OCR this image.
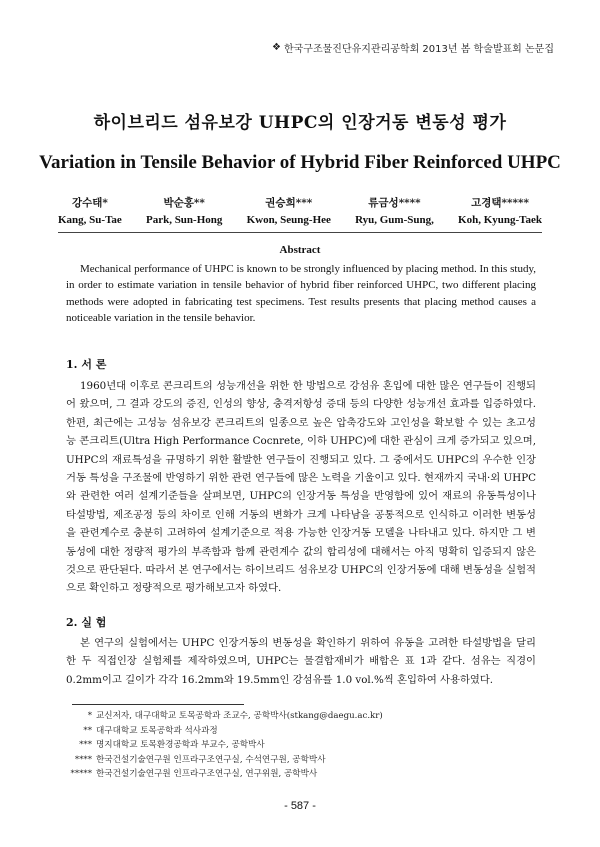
❖ 한국구조물진단유지관리공학회 2013년 봄 학술발표회 논문집
하이브리드 섬유보강 UHPC의 인장거동 변동성 평가
Variation in Tensile Behavior of Hybrid Fiber Reinforced UHPC
강수태*
Kang, Su-Tae
박순홍**
Park, Sun-Hong
권승희***
Kwon, Seung-Hee
류금성****
Ryu, Gum-Sung,
고경택*****
Koh, Kyung-Taek
Abstract
Mechanical performance of UHPC is known to be strongly influenced by placing method. In this study, in order to estimate variation in tensile behavior of hybrid fiber reinforced UHPC, two different placing methods were adopted in fabricating test specimens. Test results presents that placing method causes a noticeable variation in the tensile behavior.
1. 서 론
1960년대 이후로 콘크리트의 성능개선을 위한 한 방법으로 강섬유 혼입에 대한 많은 연구들이 진행되어 왔으며, 그 결과 강도의 증진, 인성의 향상, 충격저항성 증대 등의 다양한 성능개선 효과를 입증하였다. 한편, 최근에는 고성능 섬유보강 콘크리트의 일종으로 높은 압축강도와 고인성을 확보할 수 있는 초고성능 콘크리트(Ultra High Performance Cocnrete, 이하 UHPC)에 대한 관심이 크게 증가되고 있으며, UHPC의 재료특성을 규명하기 위한 활발한 연구들이 진행되고 있다. 그 중에서도 UHPC의 우수한 인장거동 특성을 구조물에 반영하기 위한 관련 연구들에 많은 노력을 기울이고 있다. 현재까지 국내·외 UHPC와 관련한 여러 설계기준들을 살펴보면, UHPC의 인장거동 특성을 반영함에 있어 재료의 유동특성이나 타설방법, 제조공정 등의 차이로 인해 거동의 변화가 크게 나타남을 공통적으로 인식하고 이러한 변동성을 관련계수로 충분히 고려하여 설계기준으로 적용 가능한 인장거동 모델을 나타내고 있다. 하지만 그 변동성에 대한 정량적 평가의 부족함과 함께 관련계수 값의 합리성에 대해서는 아직 명확히 입증되지 않은 것으로 판단된다. 따라서 본 연구에서는 하이브리드 섬유보강 UHPC의 인장거동에 대해 변동성을 실험적으로 확인하고 정량적으로 평가해보고자 하였다.
2. 실 험
본 연구의 실험에서는 UHPC 인장거동의 변동성을 확인하기 위하여 유동을 고려한 타설방법을 달리한 두 직접인장 실험체를 제작하였으며, UHPC는 물결합재비가 배합은 표 1과 같다. 섬유는 직경이 0.2mm이고 길이가 각각 16.2mm와 19.5mm인 강섬유를 1.0 vol.%씩 혼입하여 사용하였다.
* 교신저자, 대구대학교 토목공학과 조교수, 공학박사(stkang@daegu.ac.kr)
** 대구대학교 토목공학과 석사과정
*** 명지대학교 토목환경공학과 부교수, 공학박사
**** 한국건설기술연구원 인프라구조연구실, 수석연구원, 공학박사
***** 한국건설기술연구원 인프라구조연구실, 연구위원, 공학박사
- 587 -
